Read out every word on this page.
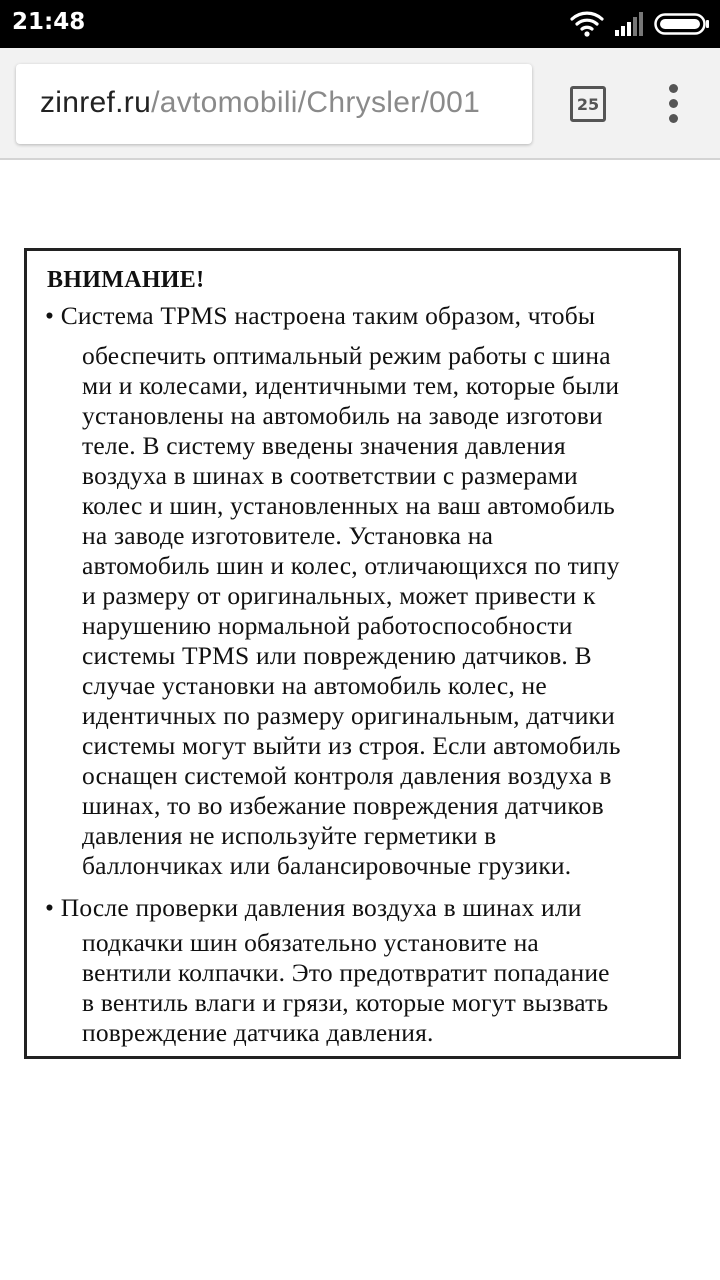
21:48
zinref.ru/avtomobili/Chrysler/001	25
ВНИМАНИЕ!
• Система TPMS настроена таким образом, чтобы
обеспечить оптимальный режим работы с шина
ми и колесами, идентичными тем, которые были
установлены на автомобиль на заводе изготови
теле. В систему введены значения давления
воздуха в шинах в соответствии с размерами
колес и шин, установленных на ваш автомобиль
на заводе изготовителе. Установка на
автомобиль шин и колес, отличающихся по типу
и размеру от оригинальных, может привести к
нарушению нормальной работоспособности
системы TPMS или повреждению датчиков. В
случае установки на автомобиль колес, не
идентичных по размеру оригинальным, датчики
системы могут выйти из строя. Если автомобиль
оснащен системой контроля давления воздуха в
шинах, то во избежание повреждения датчиков
давления не используйте герметики в
баллончиках или балансировочные грузики.
• После проверки давления воздуха в шинах или
подкачки шин обязательно установите на
вентили колпачки. Это предотвратит попадание
в вентиль влаги и грязи, которые могут вызвать
повреждение датчика давления.
